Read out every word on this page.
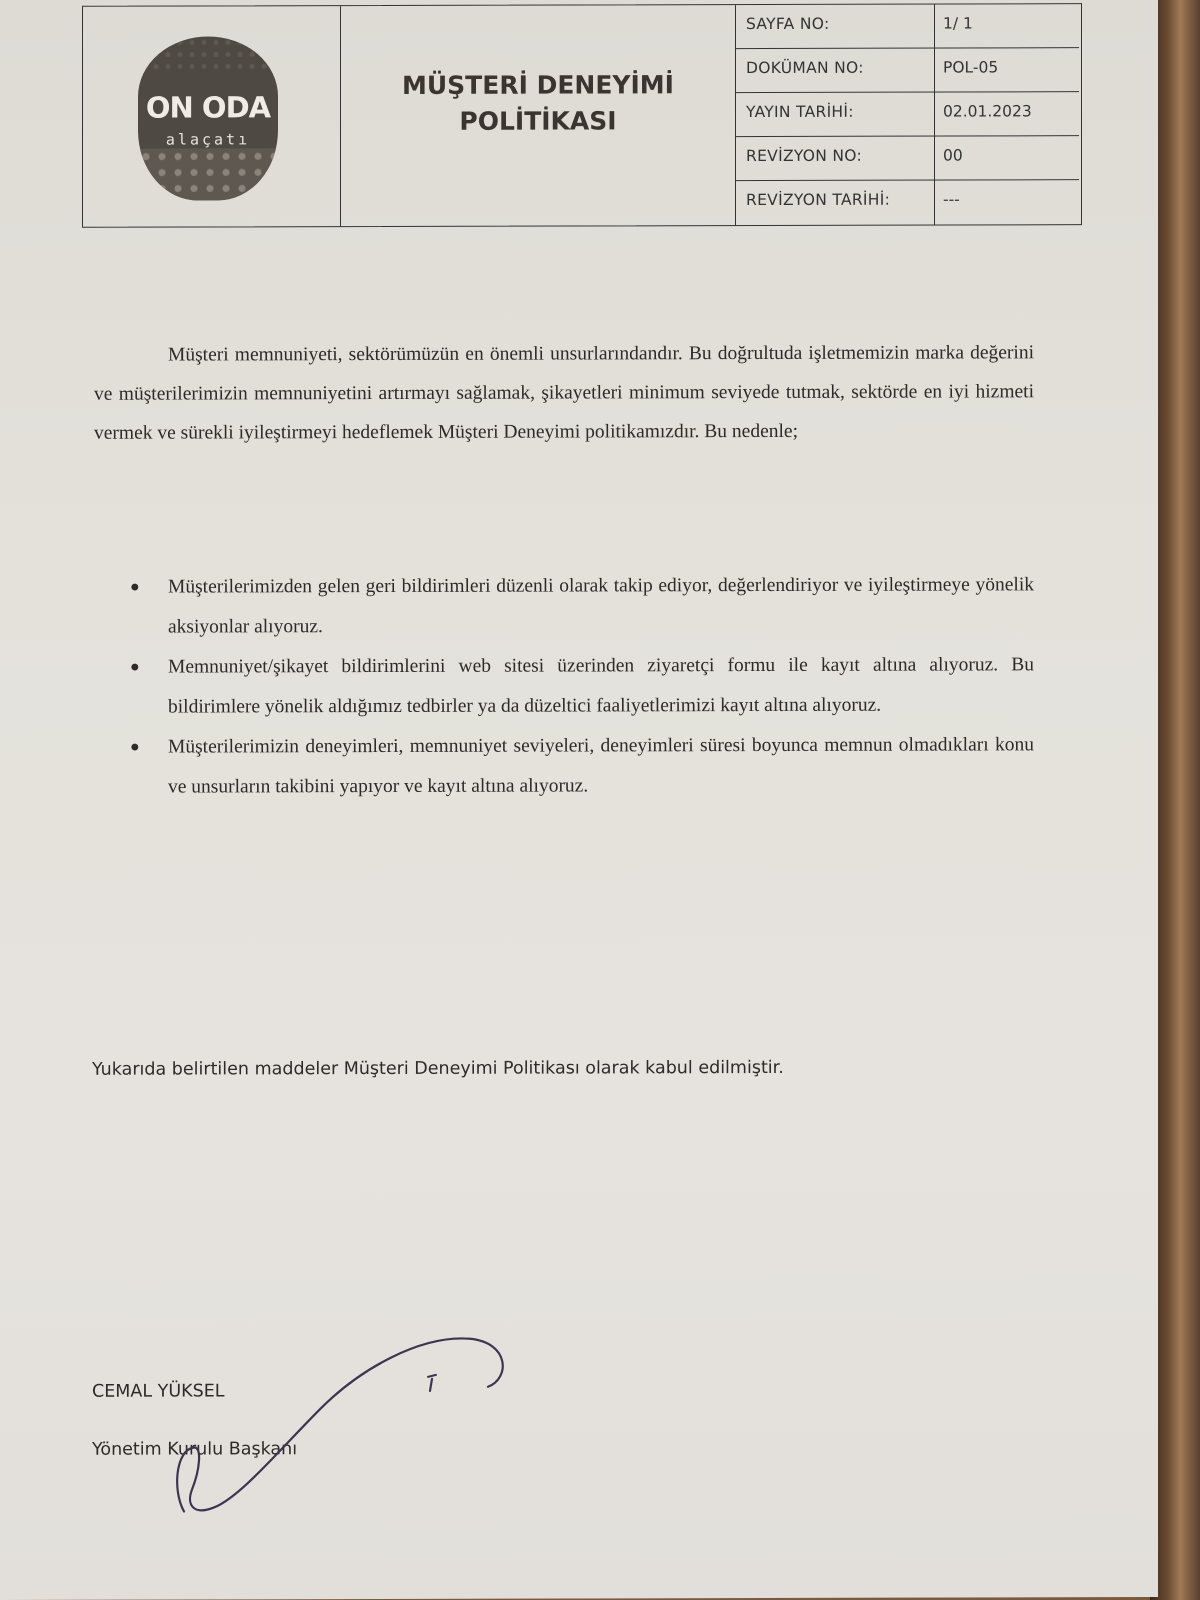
ON ODA
alaçatı
MÜŞTERİ DENEYİMİ
POLİTİKASI
SAYFA NO:	1/ 1
DOKÜMAN NO:	POL-05
YAYIN TARİHİ:	02.01.2023
REVİZYON NO:	00
REVİZYON TARİHİ:	---

Müşteri memnuniyeti, sektörümüzün en önemli unsurlarındandır. Bu doğrultuda işletmemizin marka değerini ve müşterilerimizin memnuniyetini artırmayı sağlamak, şikayetleri minimum seviyede tutmak, sektörde en iyi hizmeti vermek ve sürekli iyileştirmeyi hedeflemek Müşteri Deneyimi politikamızdır. Bu nedenle;

● Müşterilerimizden gelen geri bildirimleri düzenli olarak takip ediyor, değerlendiriyor ve iyileştirmeye yönelik aksiyonlar alıyoruz.
● Memnuniyet/şikayet bildirimlerini web sitesi üzerinden ziyaretçi formu ile kayıt altına alıyoruz. Bu bildirimlere yönelik aldığımız tedbirler ya da düzeltici faaliyetlerimizi kayıt altına alıyoruz.
● Müşterilerimizin deneyimleri, memnuniyet seviyeleri, deneyimleri süresi boyunca memnun olmadıkları konu ve unsurların takibini yapıyor ve kayıt altına alıyoruz.
Yukarıda belirtilen maddeler Müşteri Deneyimi Politikası olarak kabul edilmiştir.
CEMAL YÜKSEL
Yönetim Kurulu Başkanı
